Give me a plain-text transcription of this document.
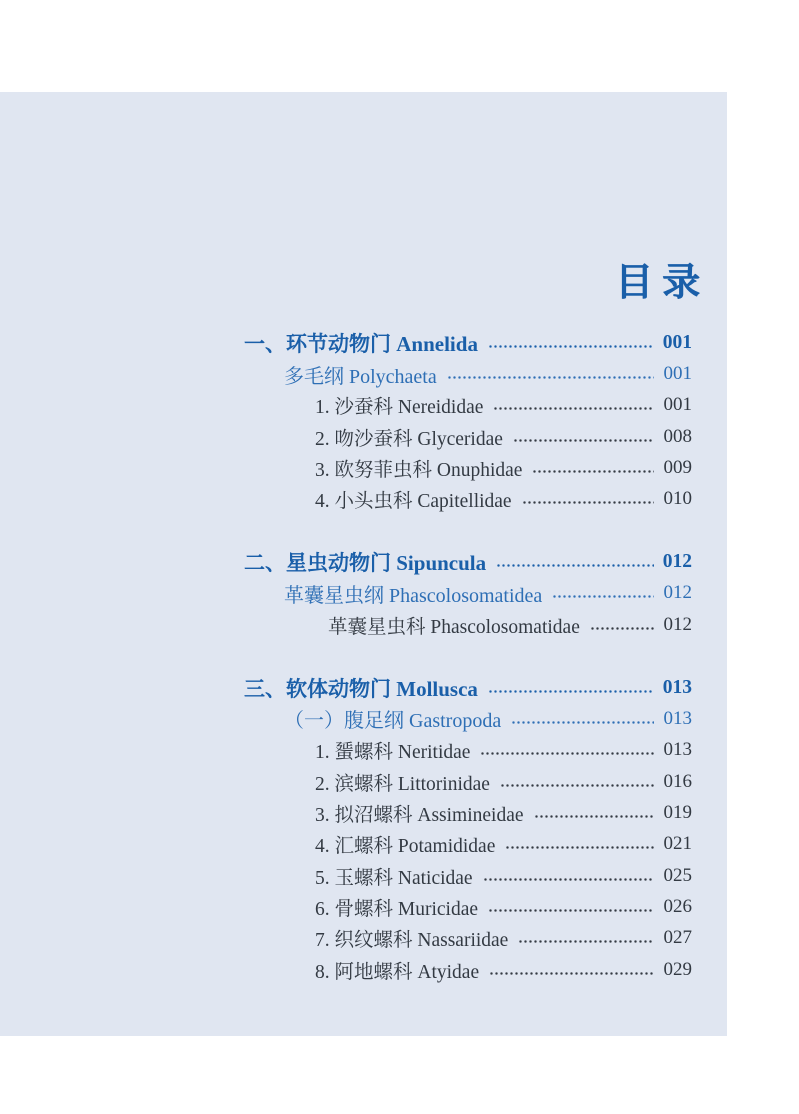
目录
一、环节动物门 Annelida	001
多毛纲 Polychaeta	001
1. 沙蚕科 Nereididae	001
2. 吻沙蚕科 Glyceridae	008
3. 欧努菲虫科 Onuphidae	009
4. 小头虫科 Capitellidae	010
二、星虫动物门 Sipuncula	012
革囊星虫纲 Phascolosomatidea	012
革囊星虫科 Phascolosomatidae	012
三、软体动物门 Mollusca	013
（一）腹足纲 Gastropoda	013
1. 蜑螺科 Neritidae	013
2. 滨螺科 Littorinidae	016
3. 拟沼螺科 Assimineidae	019
4. 汇螺科 Potamididae	021
5. 玉螺科 Naticidae	025
6. 骨螺科 Muricidae	026
7. 织纹螺科 Nassariidae	027
8. 阿地螺科 Atyidae	029
